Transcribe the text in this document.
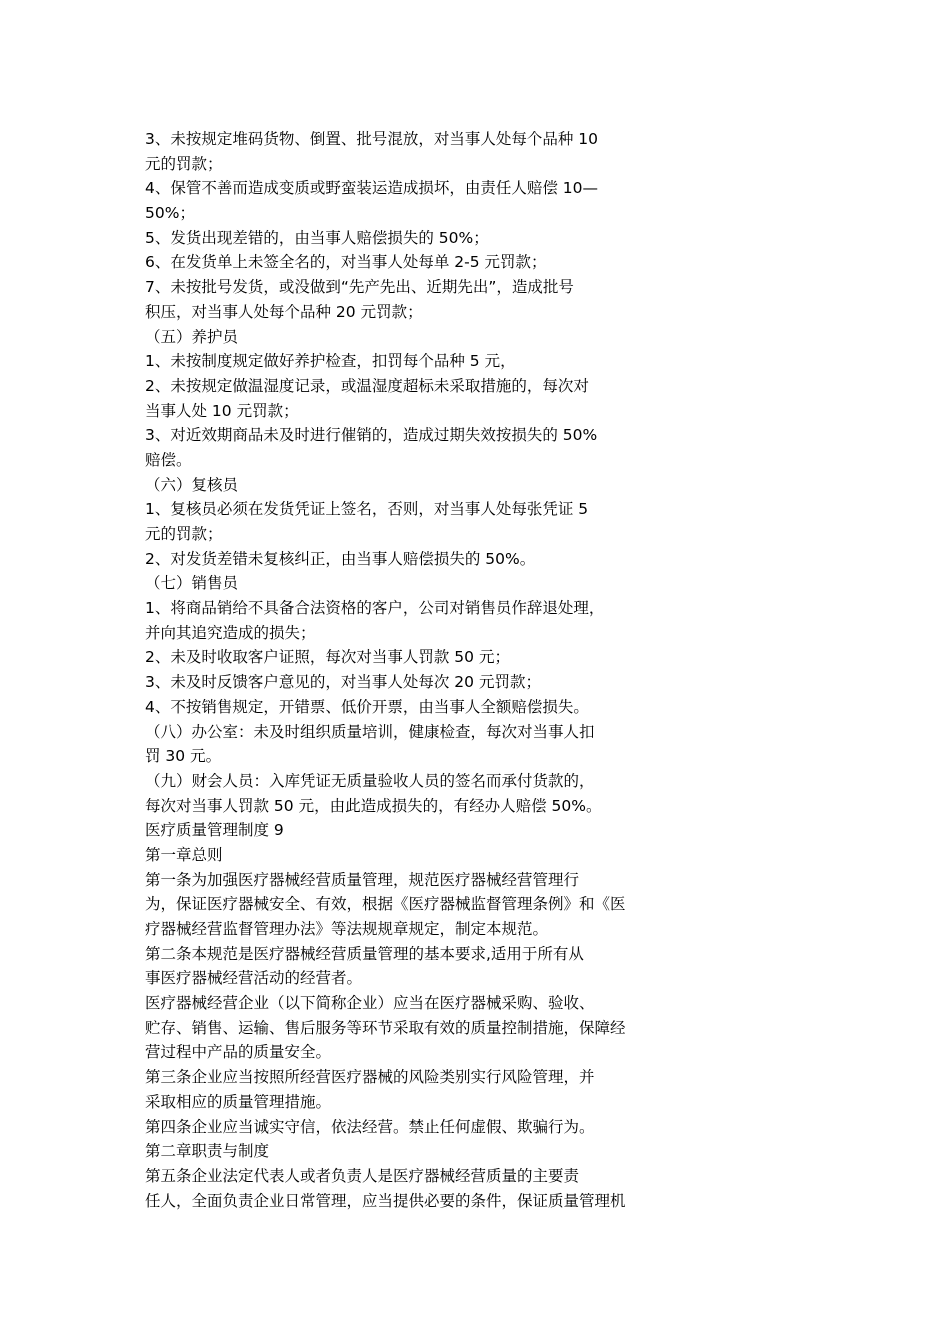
3、未按规定堆码货物、倒置、批号混放，对当事人处每个品种 10
元的罚款；
4、保管不善而造成变质或野蛮装运造成损坏，由责任人赔偿 10—
50%；
5、发货出现差错的，由当事人赔偿损失的 50%；
6、在发货单上未签全名的，对当事人处每单 2-5 元罚款；
7、未按批号发货，或没做到“先产先出、近期先出”，造成批号
积压，对当事人处每个品种 20 元罚款；
（五）养护员
1、未按制度规定做好养护检查，扣罚每个品种 5 元，
2、未按规定做温湿度记录，或温湿度超标未采取措施的，每次对
当事人处 10 元罚款；
3、对近效期商品未及时进行催销的，造成过期失效按损失的 50%
赔偿。
（六）复核员
1、复核员必须在发货凭证上签名，否则，对当事人处每张凭证 5
元的罚款；
2、对发货差错未复核纠正，由当事人赔偿损失的 50%。
（七）销售员
1、将商品销给不具备合法资格的客户，公司对销售员作辞退处理，
并向其追究造成的损失；
2、未及时收取客户证照，每次对当事人罚款 50 元；
3、未及时反馈客户意见的，对当事人处每次 20 元罚款；
4、不按销售规定，开错票、低价开票，由当事人全额赔偿损失。
（八）办公室：未及时组织质量培训，健康检查，每次对当事人扣
罚 30 元。
（九）财会人员：入库凭证无质量验收人员的签名而承付货款的，
每次对当事人罚款 50 元，由此造成损失的，有经办人赔偿 50%。
医疗质量管理制度 9
第一章总则
第一条为加强医疗器械经营质量管理，规范医疗器械经营管理行
为，保证医疗器械安全、有效，根据《医疗器械监督管理条例》和《医
疗器械经营监督管理办法》等法规规章规定，制定本规范。
第二条本规范是医疗器械经营质量管理的基本要求,适用于所有从
事医疗器械经营活动的经营者。
医疗器械经营企业（以下简称企业）应当在医疗器械采购、验收、
贮存、销售、运输、售后服务等环节采取有效的质量控制措施，保障经
营过程中产品的质量安全。
第三条企业应当按照所经营医疗器械的风险类别实行风险管理，并
采取相应的质量管理措施。
第四条企业应当诚实守信，依法经营。禁止任何虚假、欺骗行为。
第二章职责与制度
第五条企业法定代表人或者负责人是医疗器械经营质量的主要责
任人，全面负责企业日常管理，应当提供必要的条件，保证质量管理机
